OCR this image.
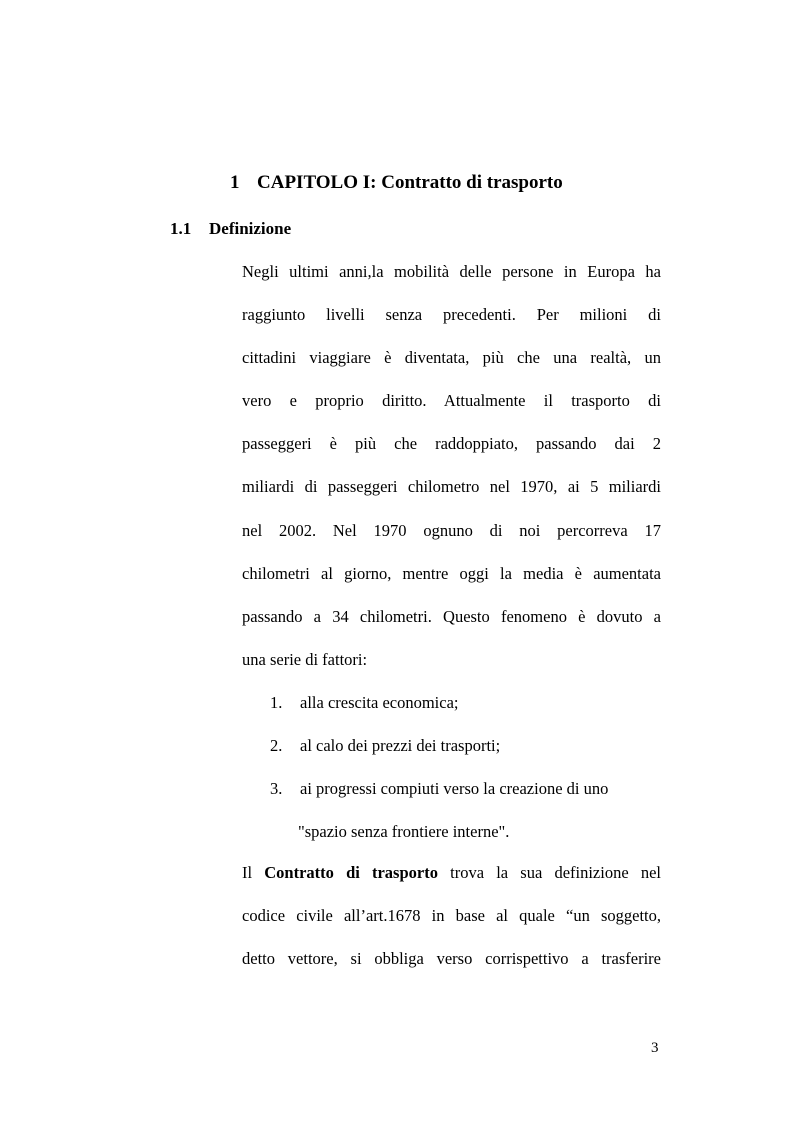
1 CAPITOLO I: Contratto di trasporto
1.1 Definizione
Negli ultimi anni,la mobilità delle persone in Europa ha
raggiunto livelli senza precedenti. Per milioni di
cittadini viaggiare è diventata, più che una realtà, un
vero e proprio diritto. Attualmente il trasporto di
passeggeri è più che raddoppiato, passando dai 2
miliardi di passeggeri chilometro nel 1970, ai 5 miliardi
nel 2002. Nel 1970 ognuno di noi percorreva 17
chilometri al giorno, mentre oggi la media è aumentata
passando a 34 chilometri. Questo fenomeno è dovuto a
una serie di fattori:
1. alla crescita economica;
2. al calo dei prezzi dei trasporti;
3. ai progressi compiuti verso la creazione di uno
"spazio senza frontiere interne".
Il Contratto di trasporto trova la sua definizione nel
codice civile all’art.1678 in base al quale “un soggetto,
detto vettore, si obbliga verso corrispettivo a trasferire
3
